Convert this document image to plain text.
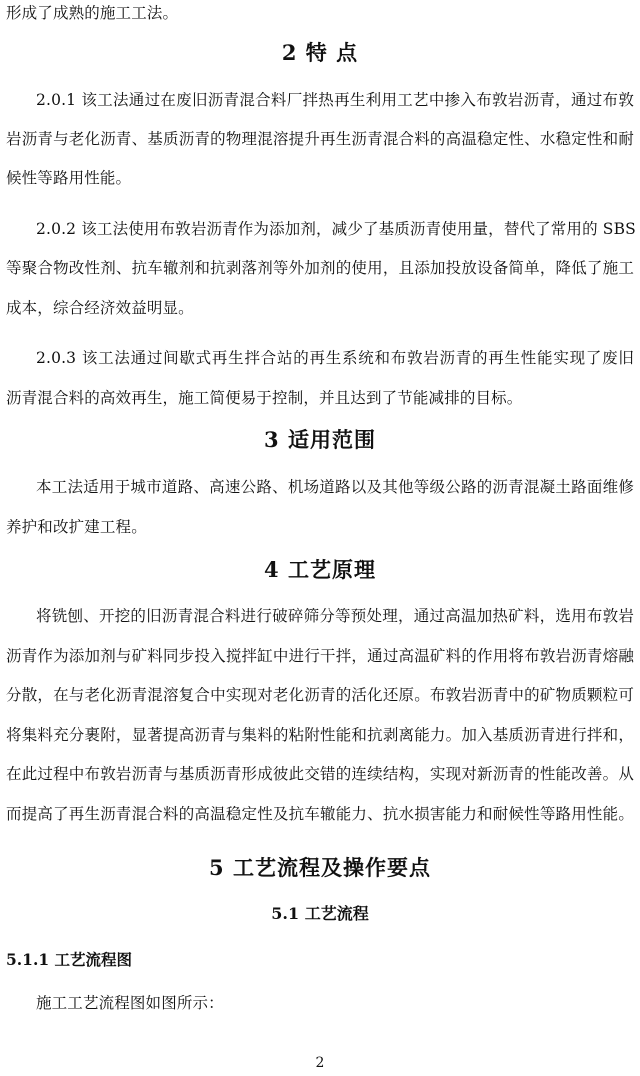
形成了成熟的施工工法。
2 特 点
2.0.1 该工法通过在废旧沥青混合料厂拌热再生利用工艺中掺入布敦岩沥青，通过布敦
岩沥青与老化沥青、基质沥青的物理混溶提升再生沥青混合料的高温稳定性、水稳定性和耐
候性等路用性能。
2.0.2 该工法使用布敦岩沥青作为添加剂，减少了基质沥青使用量，替代了常用的 SBS
等聚合物改性剂、抗车辙剂和抗剥落剂等外加剂的使用，且添加投放设备简单，降低了施工
成本，综合经济效益明显。
2.0.3 该工法通过间歇式再生拌合站的再生系统和布敦岩沥青的再生性能实现了废旧
沥青混合料的高效再生，施工简便易于控制，并且达到了节能减排的目标。
3 适用范围
本工法适用于城市道路、高速公路、机场道路以及其他等级公路的沥青混凝土路面维修
养护和改扩建工程。
4 工艺原理
将铣刨、开挖的旧沥青混合料进行破碎筛分等预处理，通过高温加热矿料，选用布敦岩
沥青作为添加剂与矿料同步投入搅拌缸中进行干拌，通过高温矿料的作用将布敦岩沥青熔融
分散，在与老化沥青混溶复合中实现对老化沥青的活化还原。布敦岩沥青中的矿物质颗粒可
将集料充分裹附，显著提高沥青与集料的粘附性能和抗剥离能力。加入基质沥青进行拌和，
在此过程中布敦岩沥青与基质沥青形成彼此交错的连续结构，实现对新沥青的性能改善。从
而提高了再生沥青混合料的高温稳定性及抗车辙能力、抗水损害能力和耐候性等路用性能。
5 工艺流程及操作要点
5.1 工艺流程
5.1.1 工艺流程图
施工工艺流程图如图所示：
2
